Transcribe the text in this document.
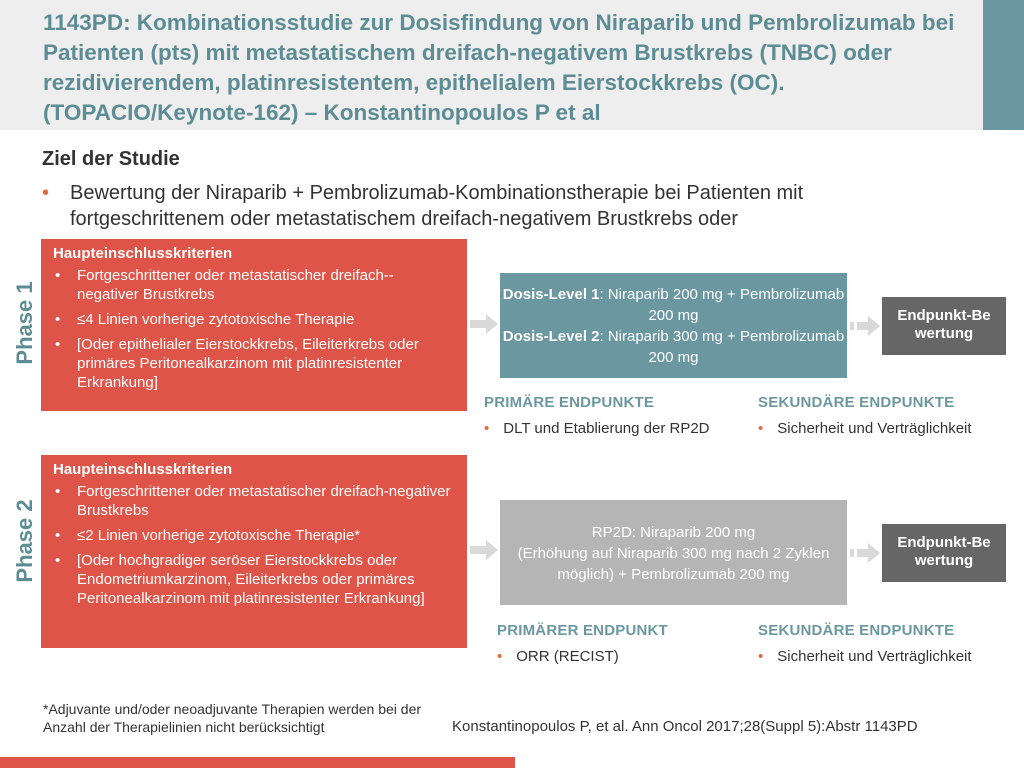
1143PD: Kombinationsstudie zur Dosisfindung von Niraparib und Pembrolizumab bei Patienten (pts) mit metastatischem dreifach-negativem Brustkrebs (TNBC) oder rezidivierendem, platinresistentem, epithelialem Eierstockkrebs (OC). (TOPACIO/Keynote-162) – Konstantinopoulos P et al
Ziel der Studie
• Bewertung der Niraparib + Pembrolizumab-Kombinationstherapie bei Patienten mit fortgeschrittenem oder metastatischem dreifach-negativem Brustkrebs oder
Phase 1
Haupteinschlusskriterien
• Fortgeschrittener oder metastatischer dreifach--negativer Brustkrebs
• ≤4 Linien vorherige zytotoxische Therapie
• [Oder epithelialer Eierstockkrebs, Eileiterkrebs oder primäres Peritonealkarzinom mit platinresistenter Erkrankung]
Dosis-Level 1: Niraparib 200 mg + Pembrolizumab 200 mg
Dosis-Level 2: Niraparib 300 mg + Pembrolizumab 200 mg
Endpunkt-Be wertung
PRIMÄRE ENDPUNKTE
• DLT und Etablierung der RP2D
SEKUNDÄRE ENDPUNKTE
• Sicherheit und Verträglichkeit
Phase 2
Haupteinschlusskriterien
• Fortgeschrittener oder metastatischer dreifach-negativer Brustkrebs
• ≤2 Linien vorherige zytotoxische Therapie*
• [Oder hochgradiger seröser Eierstockkrebs oder Endometriumkarzinom, Eileiterkrebs oder primäres Peritonealkarzinom mit platinresistenter Erkrankung]
RP2D: Niraparib 200 mg
(Erhöhung auf Niraparib 300 mg nach 2 Zyklen möglich) + Pembrolizumab 200 mg
Endpunkt-Be wertung
PRIMÄRER ENDPUNKT
• ORR (RECIST)
SEKUNDÄRE ENDPUNKTE
• Sicherheit und Verträglichkeit
*Adjuvante und/oder neoadjuvante Therapien werden bei der Anzahl der Therapielinien nicht berücksichtigt	Konstantinopoulos P, et al. Ann Oncol 2017;28(Suppl 5):Abstr 1143PD
